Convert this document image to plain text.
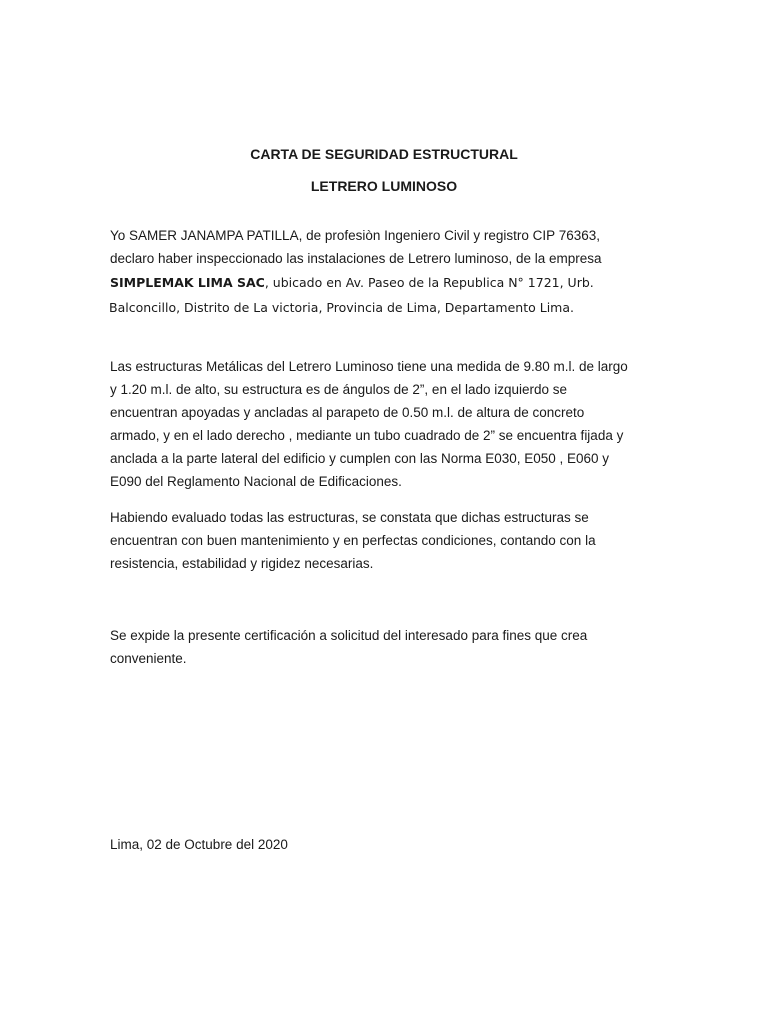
CARTA DE SEGURIDAD ESTRUCTURAL
LETRERO LUMINOSO

Yo SAMER JANAMPA PATILLA, de profesiòn Ingeniero Civil y registro CIP 76363,

declaro haber inspeccionado las instalaciones de Letrero luminoso, de la empresa

SIMPLEMAK LIMA SAC, ubicado en Av. Paseo de la Republica N° 1721, Urb.

Balconcillo, Distrito de La victoria, Provincia de Lima, Departamento Lima.

Las estructuras Metálicas del Letrero Luminoso tiene una medida de 9.80 m.l. de largo

y 1.20 m.l. de alto, su estructura es de ángulos de 2”, en el lado izquierdo se

encuentran apoyadas y ancladas al parapeto de 0.50 m.l. de altura de concreto

armado, y en el lado derecho , mediante un tubo cuadrado de 2” se encuentra fijada y

anclada a la parte lateral del edificio y cumplen con las Norma E030, E050 , E060 y

E090 del Reglamento Nacional de Edificaciones.

Habiendo evaluado todas las estructuras, se constata que dichas estructuras se

encuentran con buen mantenimiento y en perfectas condiciones, contando con la

resistencia, estabilidad y rigidez necesarias.

Se expide la presente certificación a solicitud del interesado para fines que crea

conveniente.

Lima, 02 de Octubre del 2020
